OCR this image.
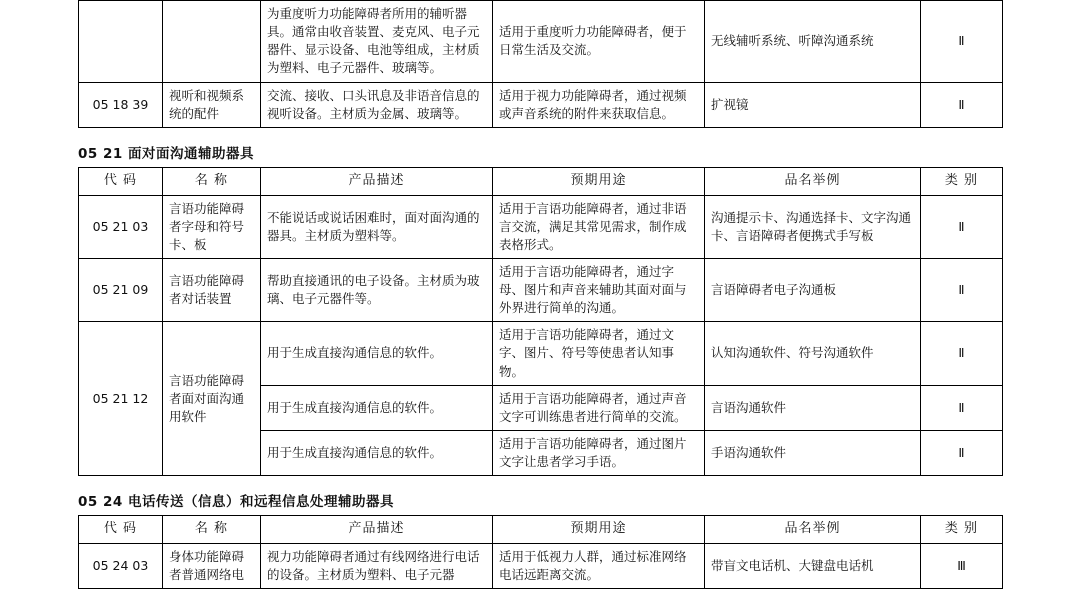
		为重度听力功能障碍者所用的辅听器具。通常由收音装置、麦克风、电子元器件、显示设备、电池等组成，主材质为塑料、电子元器件、玻璃等。	适用于重度听力功能障碍者，便于日常生活及交流。	无线辅听系统、听障沟通系统	Ⅱ
05 18 39	视听和视频系统的配件	交流、接收、口头讯息及非语音信息的视听设备。主材质为金属、玻璃等。	适用于视力功能障碍者，通过视频或声音系统的附件来获取信息。	扩视镜	Ⅱ
05 21 面对面沟通辅助器具
代 码	名 称	产品描述	预期用途	品名举例	类 别
05 21 03	言语功能障碍者字母和符号卡、板	不能说话或说话困难时，面对面沟通的器具。主材质为塑料等。	适用于言语功能障碍者，通过非语言交流，满足其常见需求，制作成表格形式。	沟通提示卡、沟通选择卡、文字沟通卡、言语障碍者便携式手写板	Ⅱ
05 21 09	言语功能障碍者对话装置	帮助直接通讯的电子设备。主材质为玻璃、电子元器件等。	适用于言语功能障碍者，通过字母、图片和声音来辅助其面对面与外界进行简单的沟通。	言语障碍者电子沟通板	Ⅱ
05 21 12	言语功能障碍者面对面沟通用软件	用于生成直接沟通信息的软件。	适用于言语功能障碍者，通过文字、图片、符号等使患者认知事物。	认知沟通软件、符号沟通软件	Ⅱ
		用于生成直接沟通信息的软件。	适用于言语功能障碍者，通过声音文字可训练患者进行简单的交流。	言语沟通软件	Ⅱ
		用于生成直接沟通信息的软件。	适用于言语功能障碍者，通过图片文字让患者学习手语。	手语沟通软件	Ⅱ
05 24 电话传送（信息）和远程信息处理辅助器具
代 码	名 称	产品描述	预期用途	品名举例	类 别
05 24 03	身体功能障碍者普通网络电	视力功能障碍者通过有线网络进行电话的设备。主材质为塑料、电子元器	适用于低视力人群，通过标准网络电话远距离交流。	带盲文电话机、大键盘电话机	Ⅲ
